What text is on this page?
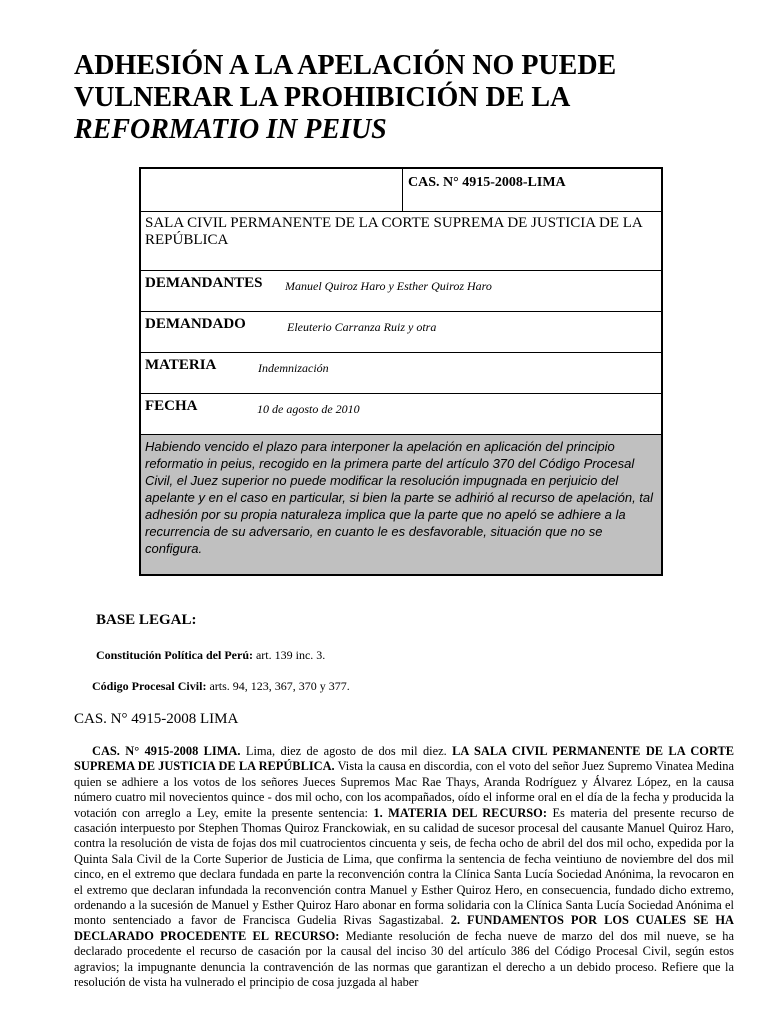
ADHESIÓN A LA APELACIÓN NO PUEDE
VULNERAR LA PROHIBICIÓN DE LA
REFORMATIO IN PEIUS
CAS. N° 4915-2008-LIMA
SALA CIVIL PERMANENTE DE LA CORTE SUPREMA DE JUSTICIA DE LA REPÚBLICA
DEMANDANTES Manuel Quiroz Haro y Esther Quiroz Haro
DEMANDADO	Eleuterio Carranza Ruiz y otra
MATERIA	Indemnización
FECHA	10 de agosto de 2010
Habiendo vencido el plazo para interponer la apelación en aplicación del principio reformatio in peius, recogido en la primera parte del artículo 370 del Código Procesal Civil, el Juez superior no puede modificar la resolución impugnada en perjuicio del apelante y en el caso en particular, si bien la parte se adhirió al recurso de apelación, tal adhesión por su propia naturaleza implica que la parte que no apeló se adhiere a la recurrencia de su adversario, en cuanto le es desfavorable, situación que no se configura.
BASE LEGAL:
Constitución Política del Perú: art. 139 inc. 3.
Código Procesal Civil: arts. 94, 123, 367, 370 y 377.
CAS. N° 4915-2008 LIMA

CAS. N° 4915-2008 LIMA. Lima, diez de agosto de dos mil diez. LA SALA CIVIL PERMANENTE DE LA CORTE SUPREMA DE JUSTICIA DE LA REPÚBLICA. Vista la causa en discordia, con el voto del señor Juez Supremo Vinatea Medina quien se adhiere a los votos de los señores Jueces Supremos Mac Rae Thays, Aranda Rodríguez y Álvarez López, en la causa número cuatro mil novecientos quince - dos mil ocho, con los acompañados, oído el informe oral en el día de la fecha y producida la votación con arreglo a Ley, emite la presente sentencia: 1. MATERIA DEL RECURSO: Es materia del presente recurso de casación interpuesto por Stephen Thomas Quiroz Franckowiak, en su calidad de sucesor procesal del causante Manuel Quiroz Haro, contra la resolución de vista de fojas dos mil cuatrocientos cincuenta y seis, de fecha ocho de abril del dos mil ocho, expedida por la Quinta Sala Civil de la Corte Superior de Justicia de Lima, que confirma la sentencia de fecha veintiuno de noviembre del dos mil cinco, en el extremo que declara fundada en parte la reconvención contra la Clínica Santa Lucía Sociedad Anónima, la revocaron en el extremo que declaran infundada la reconvención contra Manuel y Esther Quiroz Hero, en consecuencia, fundado dicho extremo, ordenando a la sucesión de Manuel y Esther Quiroz Haro abonar en forma solidaria con la Clínica Santa Lucía Sociedad Anónima el monto sentenciado a favor de Francisca Gudelia Rivas Sagastizabal. 2. FUNDAMENTOS POR LOS CUALES SE HA DECLARADO PROCEDENTE EL RECURSO: Mediante resolución de fecha nueve de marzo del dos mil nueve, se ha declarado procedente el recurso de casación por la causal del inciso 30 del artículo 386 del Código Procesal Civil, según estos agravios; la impugnante denuncia la contravención de las normas que garantizan el derecho a un debido proceso. Refiere que la resolución de vista ha vulnerado el principio de cosa juzgada al haber
